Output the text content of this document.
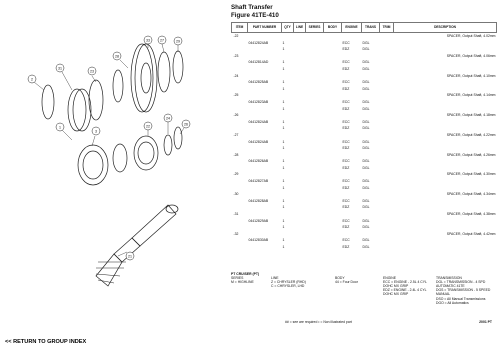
Shaft Transfer
Figure 41TE-410
33	27	29
28
31
23
2
1
3
22
24
26
21
ITEM	PART NUMBER	QTY	LINE	SERIES	BODY	ENGINE	TRANS	TRIM	DESCRIPTION
-22									SPACER, Output Shaft, 4.02mm
	04412824AB	1				ECC	DGL		
		1				EDZ	DGL		
-23									SPACER, Output Shaft, 4.06mm
	04412814AD	1				ECC	DGL		
		1				EDZ	DGL		
-24									SPACER, Output Shaft, 4.10mm
	04412825AB	1				ECC	DGL		
		1				EDZ	DGL		
-25									SPACER, Output Shaft, 4.14mm
	04412823AB	1				ECC	DGL		
		1				EDZ	DGL		
-26									SPACER, Output Shaft, 4.18mm
	04412824AB	1				ECC	DGL		
		1				EDZ	DGL		
-27									SPACER, Output Shaft, 4.22mm
	04412824AB	1				ECC	DGL		
		1				EDZ	DGL		
-28									SPACER, Output Shaft, 4.26mm
	04412826AB	1				ECC	DGL		
		1				EDZ	DGL		
-29									SPACER, Output Shaft, 4.30mm
	04412827AB	1				ECC	DGL		
		1				EDZ	DGL		
-30									SPACER, Output Shaft, 4.34mm
	04412828AB	1				ECC	DGL		
		1				EDZ	DGL		
-31									SPACER, Output Shaft, 4.38mm
	04412829AB	1				ECC	DGL		
		1				EDZ	DGL		
-32									SPACER, Output Shaft, 4.42mm
	04412830AB	1				ECC	DGL		
		1				EDZ	DGL		
PT CRUISER (PT)
SERIES
M = HIGHLINE
LINE
Z = CHRYSLER (RHD)
C = CHRYSLER, LHD
BODY
44 = Four Door
ENGINE
ECC = ENGINE - 2.5L 4 CYL DOHC MX GRIP
EDZ = ENGINE - 2.4L 4 CYL DOHC MX GRIP
TRANSMISSION
DGL = TRANSMISSION - 4 SPD AUTOMATIC 41TE
DGS = TRANSMISSION - 5 SPEED MANUAL
DSO = All Manual Transmissions
DGO = All Automatics
## = see are required • = Non illustrated part	2001 PT
<< RETURN TO GROUP INDEX
